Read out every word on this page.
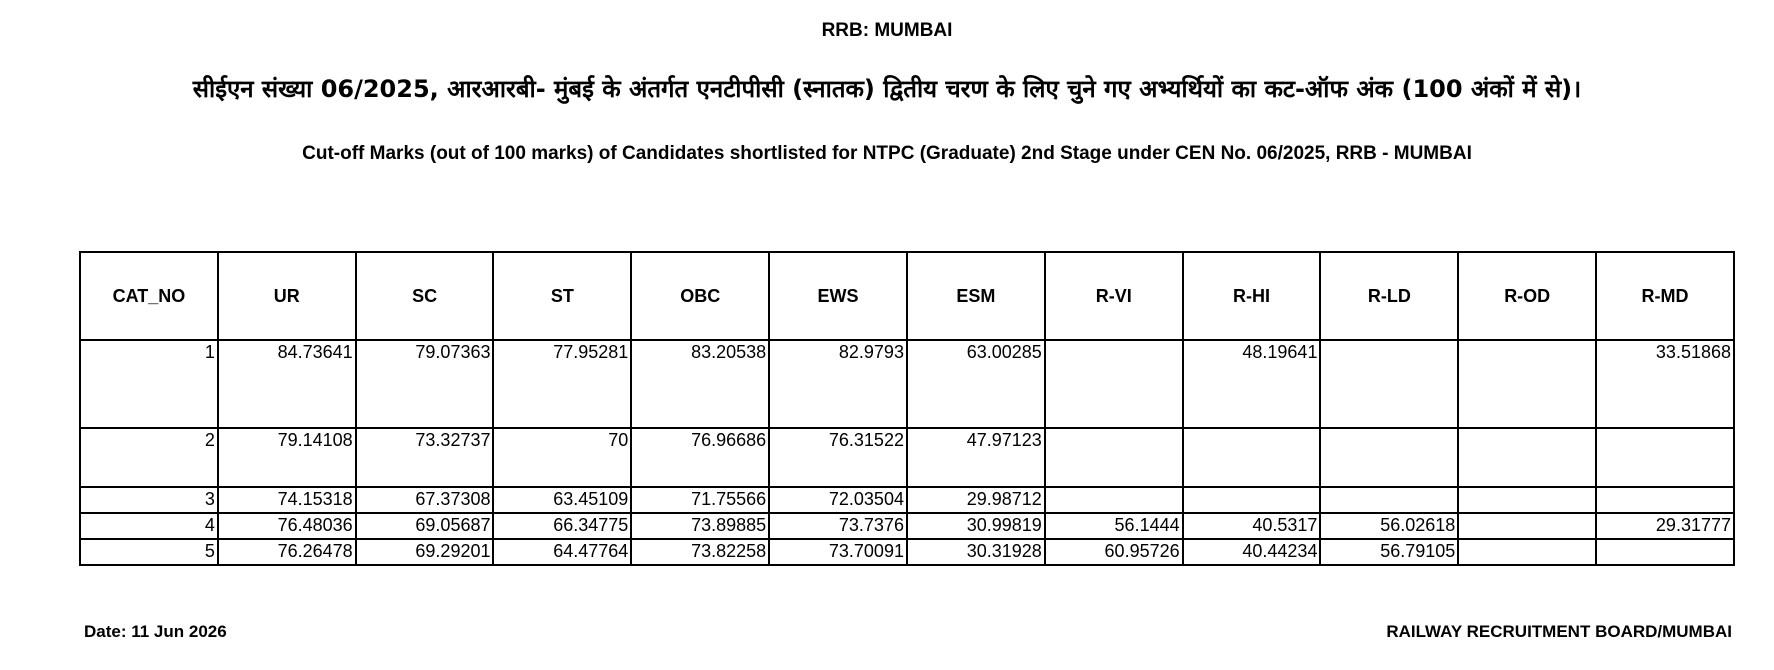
RRB: MUMBAI
सीईएन संख्या 06/2025, आरआरबी- मुंबई के अंतर्गत एनटीपीसी (स्नातक) द्वितीय चरण के लिए चुने गए अभ्यर्थियों का कट-ऑफ अंक (100 अंकों में से)।
Cut-off Marks (out of 100 marks) of Candidates shortlisted for NTPC (Graduate) 2nd Stage under CEN No. 06/2025, RRB - MUMBAI
CAT_NO	UR	SC	ST	OBC	EWS	ESM	R-VI	R-HI	R-LD	R-OD	R-MD
1	84.73641	79.07363	77.95281	83.20538	82.9793	63.00285		48.19641			33.51868
2	79.14108	73.32737	70	76.96686	76.31522	47.97123					
3	74.15318	67.37308	63.45109	71.75566	72.03504	29.98712					
4	76.48036	69.05687	66.34775	73.89885	73.7376	30.99819	56.1444	40.5317	56.02618		29.31777
5	76.26478	69.29201	64.47764	73.82258	73.70091	30.31928	60.95726	40.44234	56.79105		
Date: 11 Jun 2026	RAILWAY RECRUITMENT BOARD/MUMBAI
